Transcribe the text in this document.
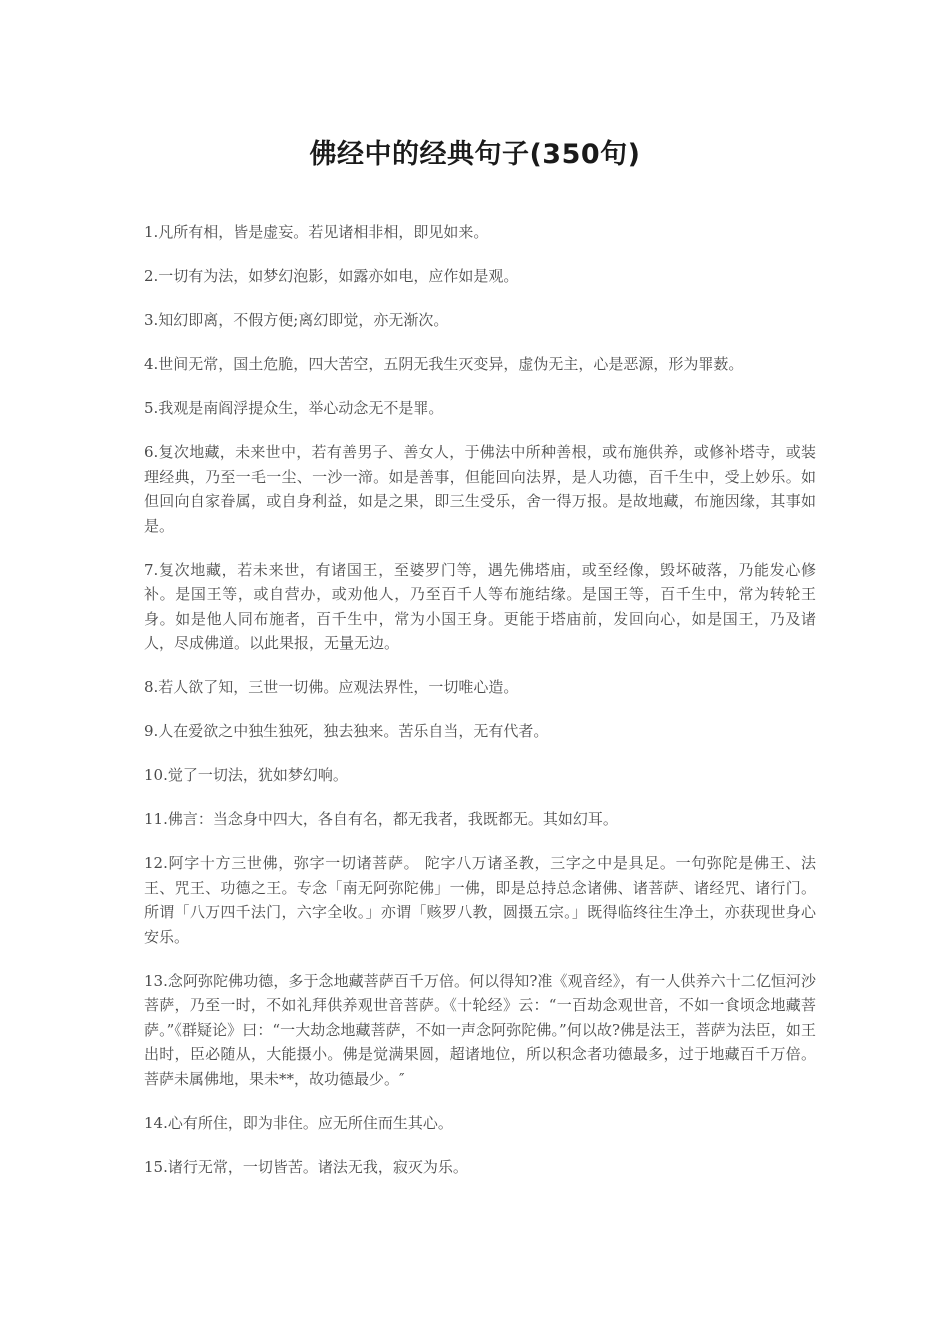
佛经中的经典句子(350句)

1.凡所有相，皆是虚妄。若见诸相非相，即见如来。

2.一切有为法，如梦幻泡影，如露亦如电，应作如是观。

3.知幻即离，不假方便;离幻即觉，亦无渐次。

4.世间无常，国土危脆，四大苦空，五阴无我生灭变异，虚伪无主，心是恶源，形为罪薮。

5.我观是南阎浮提众生，举心动念无不是罪。

6.复次地藏，未来世中，若有善男子、善女人，于佛法中所种善根，或布施供养，或修补塔寺，或装理经典，乃至一毛一尘、一沙一渧。如是善事，但能回向法界，是人功德，百千生中，受上妙乐。如但回向自家眷属，或自身利益，如是之果，即三生受乐，舍一得万报。是故地藏，布施因缘，其事如是。

7.复次地藏，若未来世，有诸国王，至婆罗门等，遇先佛塔庙，或至经像，毁坏破落，乃能发心修补。是国王等，或自营办，或劝他人，乃至百千人等布施结缘。是国王等，百千生中，常为转轮王身。如是他人同布施者，百千生中，常为小国王身。更能于塔庙前，发回向心，如是国王，乃及诸人，尽成佛道。以此果报，无量无边。

8.若人欲了知，三世一切佛。应观法界性，一切唯心造。

9.人在爱欲之中独生独死，独去独来。苦乐自当，无有代者。

10.觉了一切法，犹如梦幻响。

11.佛言：当念身中四大，各自有名，都无我者，我既都无。其如幻耳。

12.阿字十方三世佛，弥字一切诸菩萨。 陀字八万诸圣教，三字之中是具足。一句弥陀是佛王、法王、咒王、功德之王。专念「南无阿弥陀佛」一佛，即是总持总念诸佛、诸菩萨、诸经咒、诸行门。所谓「八万四千法门，六字全收。」亦谓「赅罗八教，圆摄五宗。」既得临终往生净土，亦获现世身心安乐。

13.念阿弥陀佛功德，多于念地藏菩萨百千万倍。何以得知?准《观音经》，有一人供养六十二亿恒河沙菩萨，乃至一时，不如礼拜供养观世音菩萨。《十轮经》云：“一百劫念观世音，不如一食顷念地藏菩萨。”《群疑论》曰：“一大劫念地藏菩萨，不如一声念阿弥陀佛。”何以故?佛是法王，菩萨为法臣，如王出时，臣必随从，大能摄小。佛是觉满果圆，超诸地位，所以积念者功德最多，过于地藏百千万倍。菩萨未属佛地，果未**，故功德最少。″

14.心有所住，即为非住。应无所住而生其心。

15.诸行无常，一切皆苦。诸法无我，寂灭为乐。
